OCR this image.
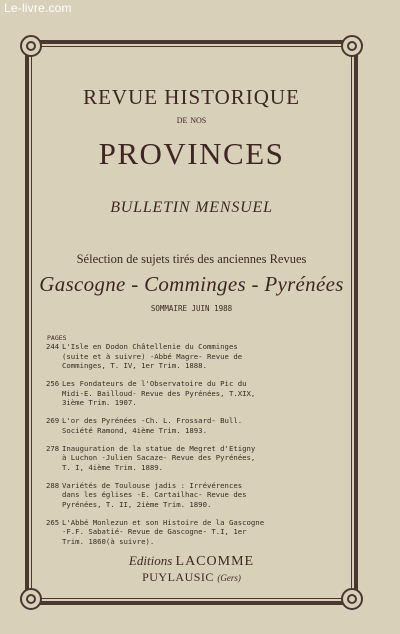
Le-livre.com
REVUE HISTORIQUE
de nos
PROVINCES
BULLETIN MENSUEL
Sélection de sujets tirés des anciennes Revues
Gascogne - Comminges - Pyrénées
SOMMAIRE JUIN 1988
PAGES
244 L'Isle en Dodon Châtellenie du Comminges
(suite et à suivre) -Abbé Magre- Revue de
Comminges, T. IV, 1er Trim. 1888.
256 Les Fondateurs de l'Observatoire du Pic du
Midi-E. Bailloud- Revue des Pyrénées, T.XIX,
3ième Trim. 1907.
269 L'or des Pyrénées -Ch. L. Frossard- Bull.
Société Ramond, 4ième Trim. 1893.
278 Inauguration de la statue de Megret d'Etigny
à Luchon -Julien Sacaze- Revue des Pyrénées,
T. I, 4ième Trim. 1889.
288 Variétés de Toulouse jadis : Irrévérences
dans les églises -E. Cartailhac- Revue des
Pyrénées, T. II, 2ième Trim. 1890.
265 L'Abbé Monlezun et son Histoire de la Gascogne
-F.F. Sabatié- Revue de Gascogne- T.I, 1er
Trim. 1860(à suivre).
Editions LACOMME
PUYLAUSIC (Gers)
